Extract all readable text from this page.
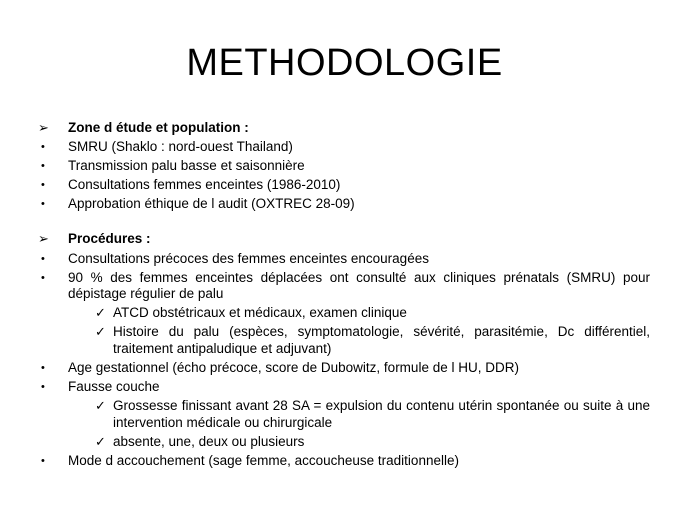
METHODOLOGIE
➢ Zone d étude et population :
• SMRU (Shaklo : nord-ouest Thailand)
• Transmission palu basse et saisonnière
• Consultations femmes enceintes (1986-2010)
• Approbation éthique de l audit (OXTREC 28-09)
➢ Procédures :
• Consultations précoces des femmes enceintes encouragées
• 90 % des femmes enceintes déplacées ont consulté aux cliniques prénatals (SMRU) pour dépistage régulier de palu
✓ ATCD obstétricaux et médicaux, examen clinique
✓ Histoire du palu (espèces, symptomatologie, sévérité, parasitémie, Dc différentiel, traitement antipaludique et adjuvant)
• Age gestationnel (écho précoce, score de Dubowitz, formule de l HU, DDR)
• Fausse couche
✓ Grossesse finissant avant 28 SA = expulsion du contenu utérin spontanée ou suite à une intervention médicale ou chirurgicale
✓ absente, une, deux ou plusieurs
• Mode d accouchement (sage femme, accoucheuse traditionnelle)
